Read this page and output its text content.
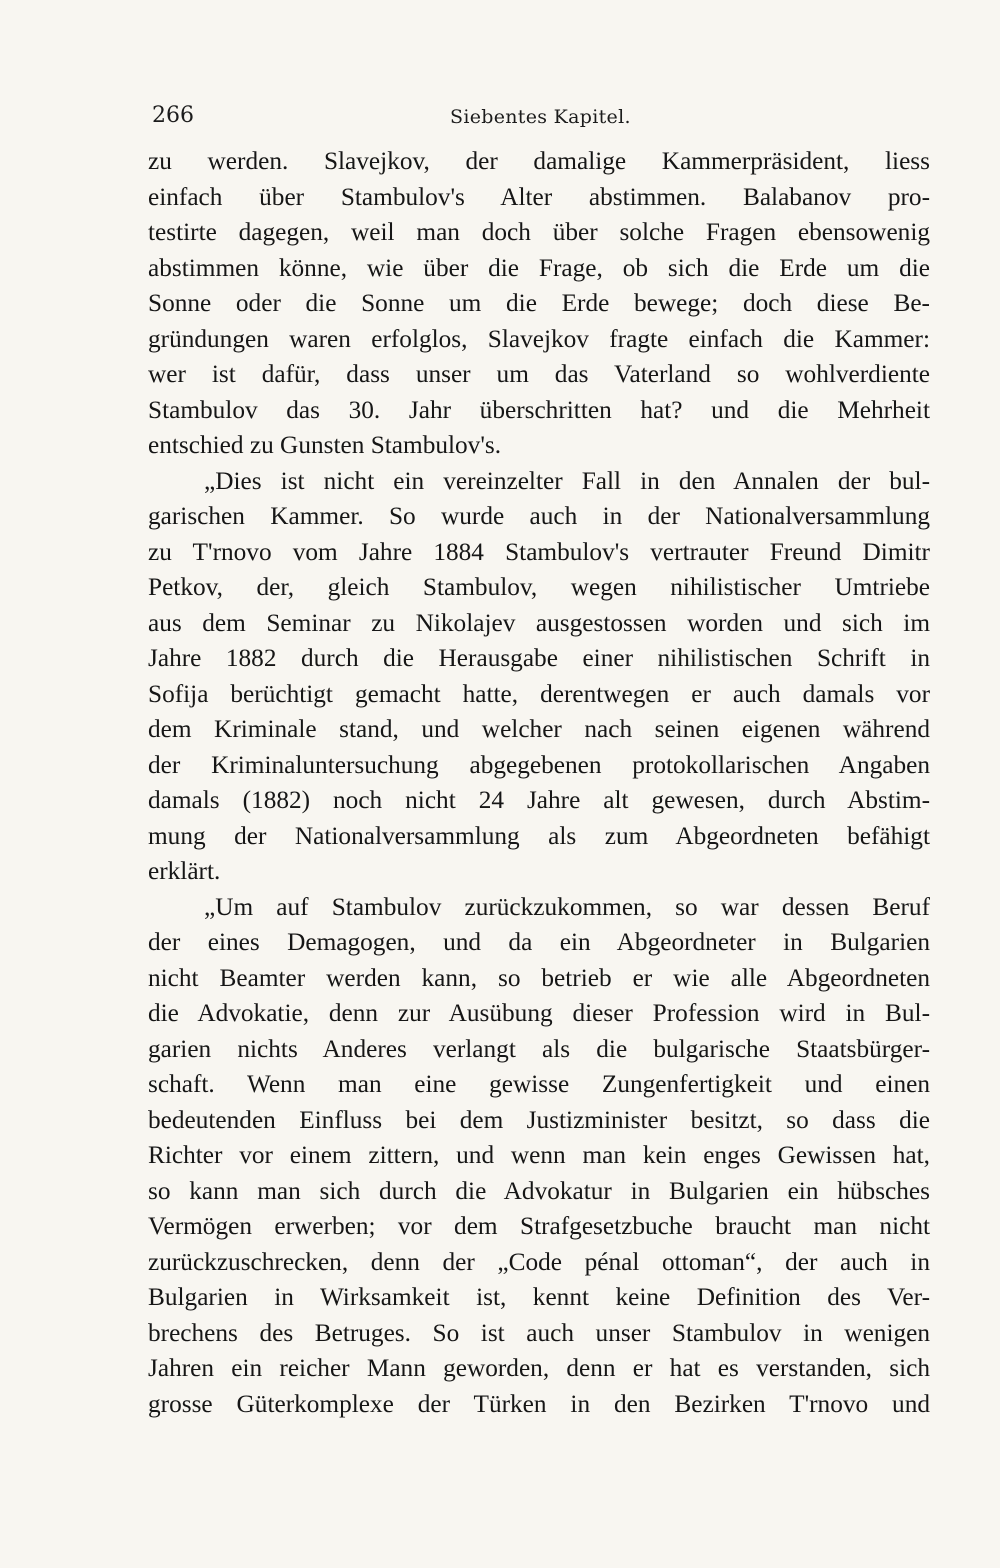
266	Siebentes Kapitel.
zu werden. Slavejkov, der damalige Kammerpräsident, liess
einfach über Stambulov's Alter abstimmen. Balabanov pro-
testirte dagegen, weil man doch über solche Fragen ebensowenig
abstimmen könne, wie über die Frage, ob sich die Erde um die
Sonne oder die Sonne um die Erde bewege; doch diese Be-
gründungen waren erfolglos, Slavejkov fragte einfach die Kammer:
wer ist dafür, dass unser um das Vaterland so wohlverdiente
Stambulov das 30. Jahr überschritten hat? und die Mehrheit
entschied zu Gunsten Stambulov's.
„Dies ist nicht ein vereinzelter Fall in den Annalen der bul-
garischen Kammer. So wurde auch in der Nationalversammlung
zu T'rnovo vom Jahre 1884 Stambulov's vertrauter Freund Dimitr
Petkov, der, gleich Stambulov, wegen nihilistischer Umtriebe
aus dem Seminar zu Nikolajev ausgestossen worden und sich im
Jahre 1882 durch die Herausgabe einer nihilistischen Schrift in
Sofija berüchtigt gemacht hatte, derentwegen er auch damals vor
dem Kriminale stand, und welcher nach seinen eigenen während
der Kriminaluntersuchung abgegebenen protokollarischen Angaben
damals (1882) noch nicht 24 Jahre alt gewesen, durch Abstim-
mung der Nationalversammlung als zum Abgeordneten befähigt
erklärt.
„Um auf Stambulov zurückzukommen, so war dessen Beruf
der eines Demagogen, und da ein Abgeordneter in Bulgarien
nicht Beamter werden kann, so betrieb er wie alle Abgeordneten
die Advokatie, denn zur Ausübung dieser Profession wird in Bul-
garien nichts Anderes verlangt als die bulgarische Staatsbürger-
schaft. Wenn man eine gewisse Zungenfertigkeit und einen
bedeutenden Einfluss bei dem Justizminister besitzt, so dass die
Richter vor einem zittern, und wenn man kein enges Gewissen hat,
so kann man sich durch die Advokatur in Bulgarien ein hübsches
Vermögen erwerben; vor dem Strafgesetzbuche braucht man nicht
zurückzuschrecken, denn der „Code pénal ottoman“, der auch in
Bulgarien in Wirksamkeit ist, kennt keine Definition des Ver-
brechens des Betruges. So ist auch unser Stambulov in wenigen
Jahren ein reicher Mann geworden, denn er hat es verstanden, sich
grosse Güterkomplexe der Türken in den Bezirken T'rnovo und
